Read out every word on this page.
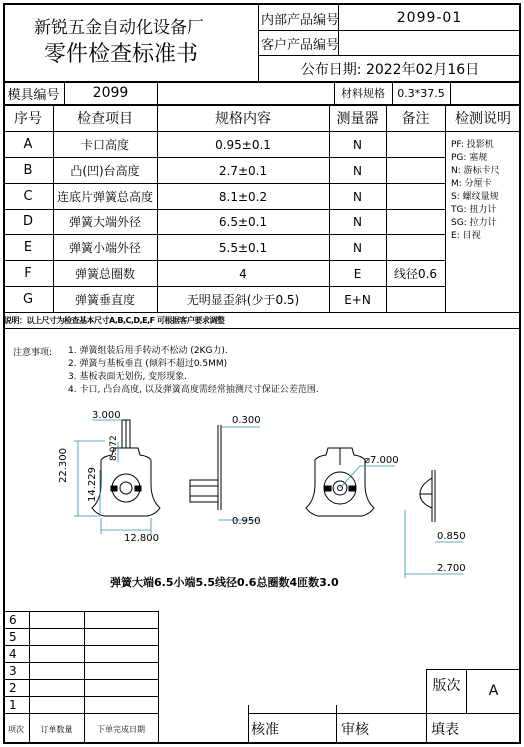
新锐五金自动化设备厂
零件检查标准书
内部产品编号	2099-01
客户产品编号
公布日期: 2022年02月16日
模具编号	2099	材料规格	0.3*37.5
序号	检查项目	规格内容	测量器	备注	检测说明
A	卡口高度	0.95±0.1	N
B	凸(凹)台高度	2.7±0.1	N
C	连底片弹簧总高度	8.1±0.2	N
D	弹簧大端外径	6.5±0.1	N
E	弹簧小端外径	5.5±0.1	N
F	弹簧总圈数	4	E	线径0.6
G	弹簧垂直度	无明显歪斜(少于0.5)	E+N
PF: 投影机
PG: 塞规
N: 游标卡尺
M: 分厘卡
S: 螺纹量规
TG: 扭力计
SG: 拉力计
E: 目视
说明：以上尺寸为检查基本尺寸A,B,C,D,E,F 可根据客户要求调整
注意事项: 1. 弹簧组装后用手转动不松动 (2KG力).
2. 弹簧与基板垂直 (倾斜不超过0.5MM)
3. 基板表面无划伤, 变形现象.
4. 卡口, 凸台高度, 以及弹簧高度需经常抽测尺寸保证公差范围.
3.000
22.300
14.229
8.072
12.800
0.300
0.950
⌀7.000
0.850
2.700
弹簧大端6.5小端5.5线径0.6总圈数4匝数3.0
6
5
4
3
2
1
项次	订单数量	下单完成日期
版次	A
核准	审核	填表
